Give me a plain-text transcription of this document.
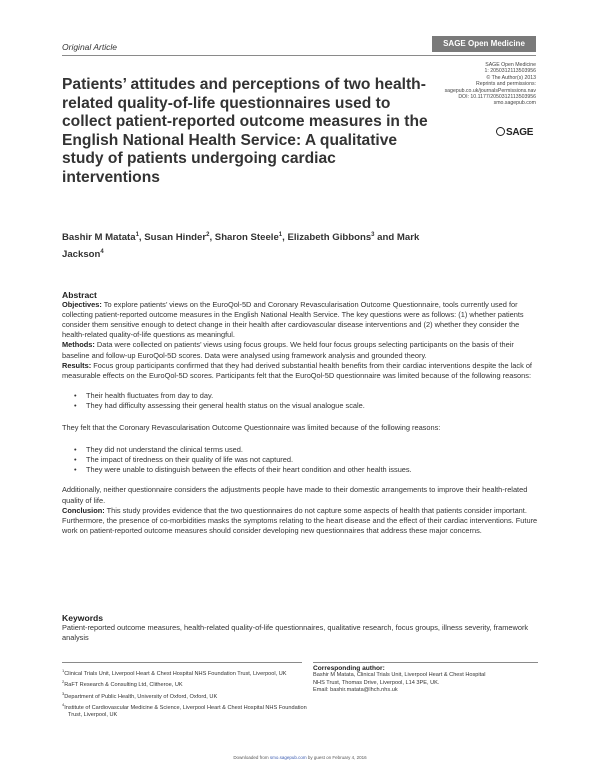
Original Article	SAGE Open Medicine
SAGE Open Medicine
1: 2050312113503956
© The Author(s) 2013
Reprints and permissions:
sagepub.co.uk/journalsPermissions.nav
DOI: 10.1177/2050312113503956
smo.sagepub.com
SAGE
Patients’ attitudes and perceptions of two health-related quality-of-life questionnaires used to collect patient-reported outcome measures in the English National Health Service: A qualitative study of patients undergoing cardiac interventions
Bashir M Matata$^1$, Susan Hinder$^2$, Sharon Steele$^1$, Elizabeth Gibbons$^3$ and Mark Jackson$^4$
Abstract

Objectives: To explore patients’ views on the EuroQol-5D and Coronary Revascularisation Outcome Questionnaire, tools currently used for collecting patient-reported outcome measures in the English National Health Service. The key questions were as follows: (1) whether patients consider them sensitive enough to detect change in their health after cardiovascular disease interventions and (2) whether they consider the health-related quality-of-life questions as meaningful.

Methods: Data were collected on patients’ views using focus groups. We held four focus groups selecting participants on the basis of their baseline and follow-up EuroQol-5D scores. Data were analysed using framework analysis and grounded theory.

Results: Focus group participants confirmed that they had derived substantial health benefits from their cardiac interventions despite the lack of measurable effects on the EuroQol-5D scores. Participants felt that the EuroQol-5D questionnaire was limited because of the following reasons:

• Their health fluctuates from day to day.
• They had difficulty assessing their general health status on the visual analogue scale.

They felt that the Coronary Revascularisation Outcome Questionnaire was limited because of the following reasons:

• They did not understand the clinical terms used.
• The impact of tiredness on their quality of life was not captured.
• They were unable to distinguish between the effects of their heart condition and other health issues.

Additionally, neither questionnaire considers the adjustments people have made to their domestic arrangements to improve their health-related quality of life.

Conclusion: This study provides evidence that the two questionnaires do not capture some aspects of health that patients consider important. Furthermore, the presence of co-morbidities masks the symptoms relating to the heart disease and the effect of their cardiac interventions. Future work on patient-reported outcome measures should consider developing new questionnaires that address these major concerns.

Keywords

Patient-reported outcome measures, health-related quality-of-life questionnaires, qualitative research, focus groups, illness severity, framework analysis

$^1$Clinical Trials Unit, Liverpool Heart & Chest Hospital NHS Foundation Trust, Liverpool, UK
$^2$RaFT Research & Consulting Ltd, Clitheroe, UK
$^3$Department of Public Health, University of Oxford, Oxford, UK
$^4$Institute of Cardiovascular Medicine & Science, Liverpool Heart & Chest Hospital NHS Foundation Trust, Liverpool, UK
Corresponding author:
Bashir M Matata, Clinical Trials Unit, Liverpool Heart & Chest Hospital
NHS Trust, Thomas Drive, Liverpool, L14 3PE, UK.
Email: bashir.matata@lhch.nhs.uk
Downloaded from smo.sagepub.com by guest on February 4, 2016
